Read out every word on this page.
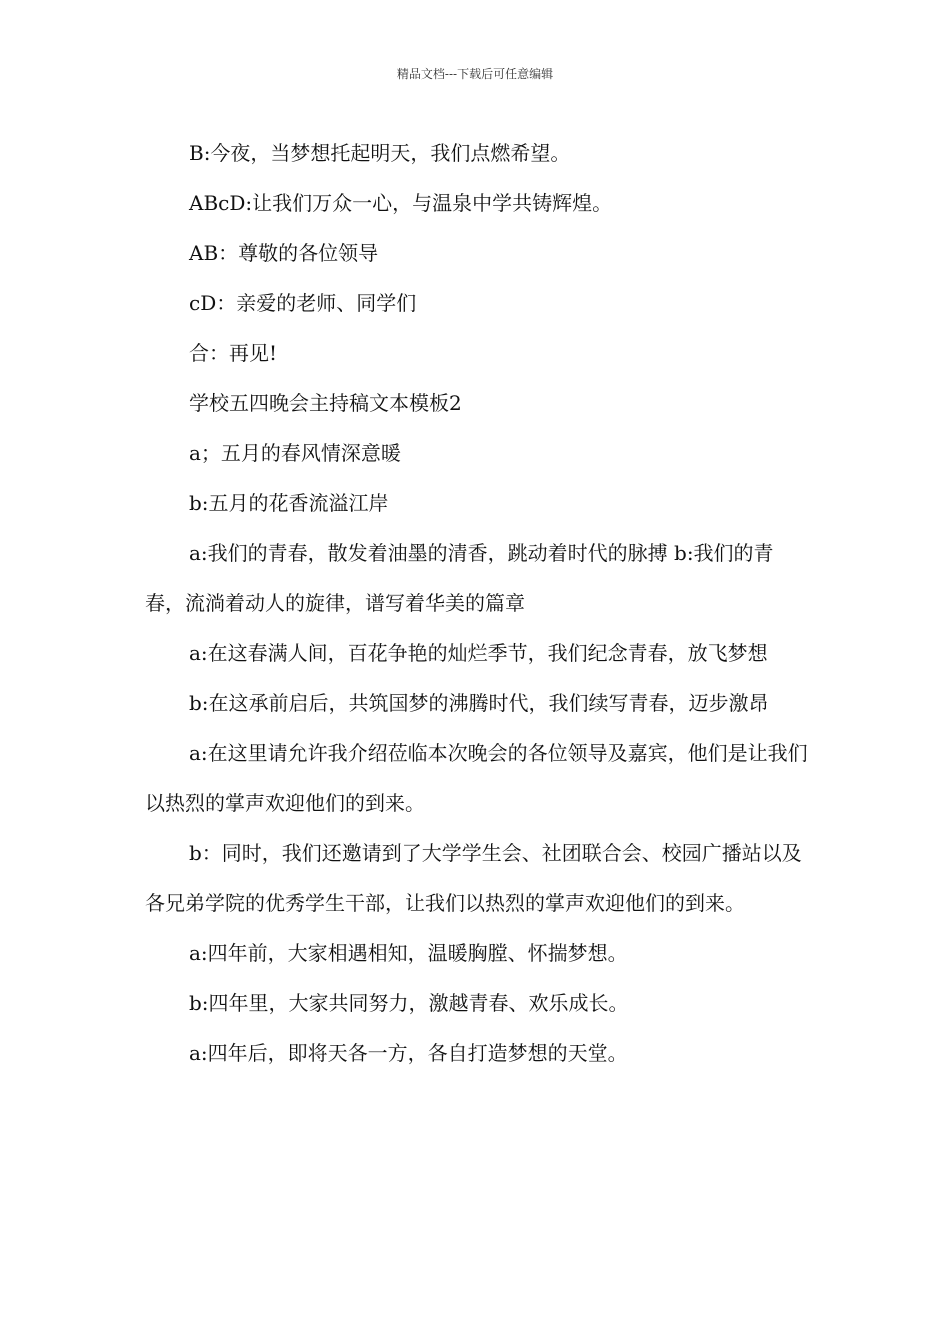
精品文档---下载后可任意编辑

B:今夜，当梦想托起明天，我们点燃希望。

ABcD:让我们万众一心，与温泉中学共铸辉煌。

AB：尊敬的各位领导

cD：亲爱的老师、同学们

合：再见!

学校五四晚会主持稿文本模板2

a；五月的春风情深意暖

b:五月的花香流溢江岸

a:我们的青春，散发着油墨的清香，跳动着时代的脉搏 b:我们的青春，流淌着动人的旋律，谱写着华美的篇章

a:在这春满人间，百花争艳的灿烂季节，我们纪念青春，放飞梦想

b:在这承前启后，共筑国梦的沸腾时代，我们续写青春，迈步激昂

a:在这里请允许我介绍莅临本次晚会的各位领导及嘉宾，他们是让我们以热烈的掌声欢迎他们的到来。

b：同时，我们还邀请到了大学学生会、社团联合会、校园广播站以及各兄弟学院的优秀学生干部，让我们以热烈的掌声欢迎他们的到来。

a:四年前，大家相遇相知，温暖胸膛、怀揣梦想。

b:四年里，大家共同努力，激越青春、欢乐成长。

a:四年后，即将天各一方，各自打造梦想的天堂。
